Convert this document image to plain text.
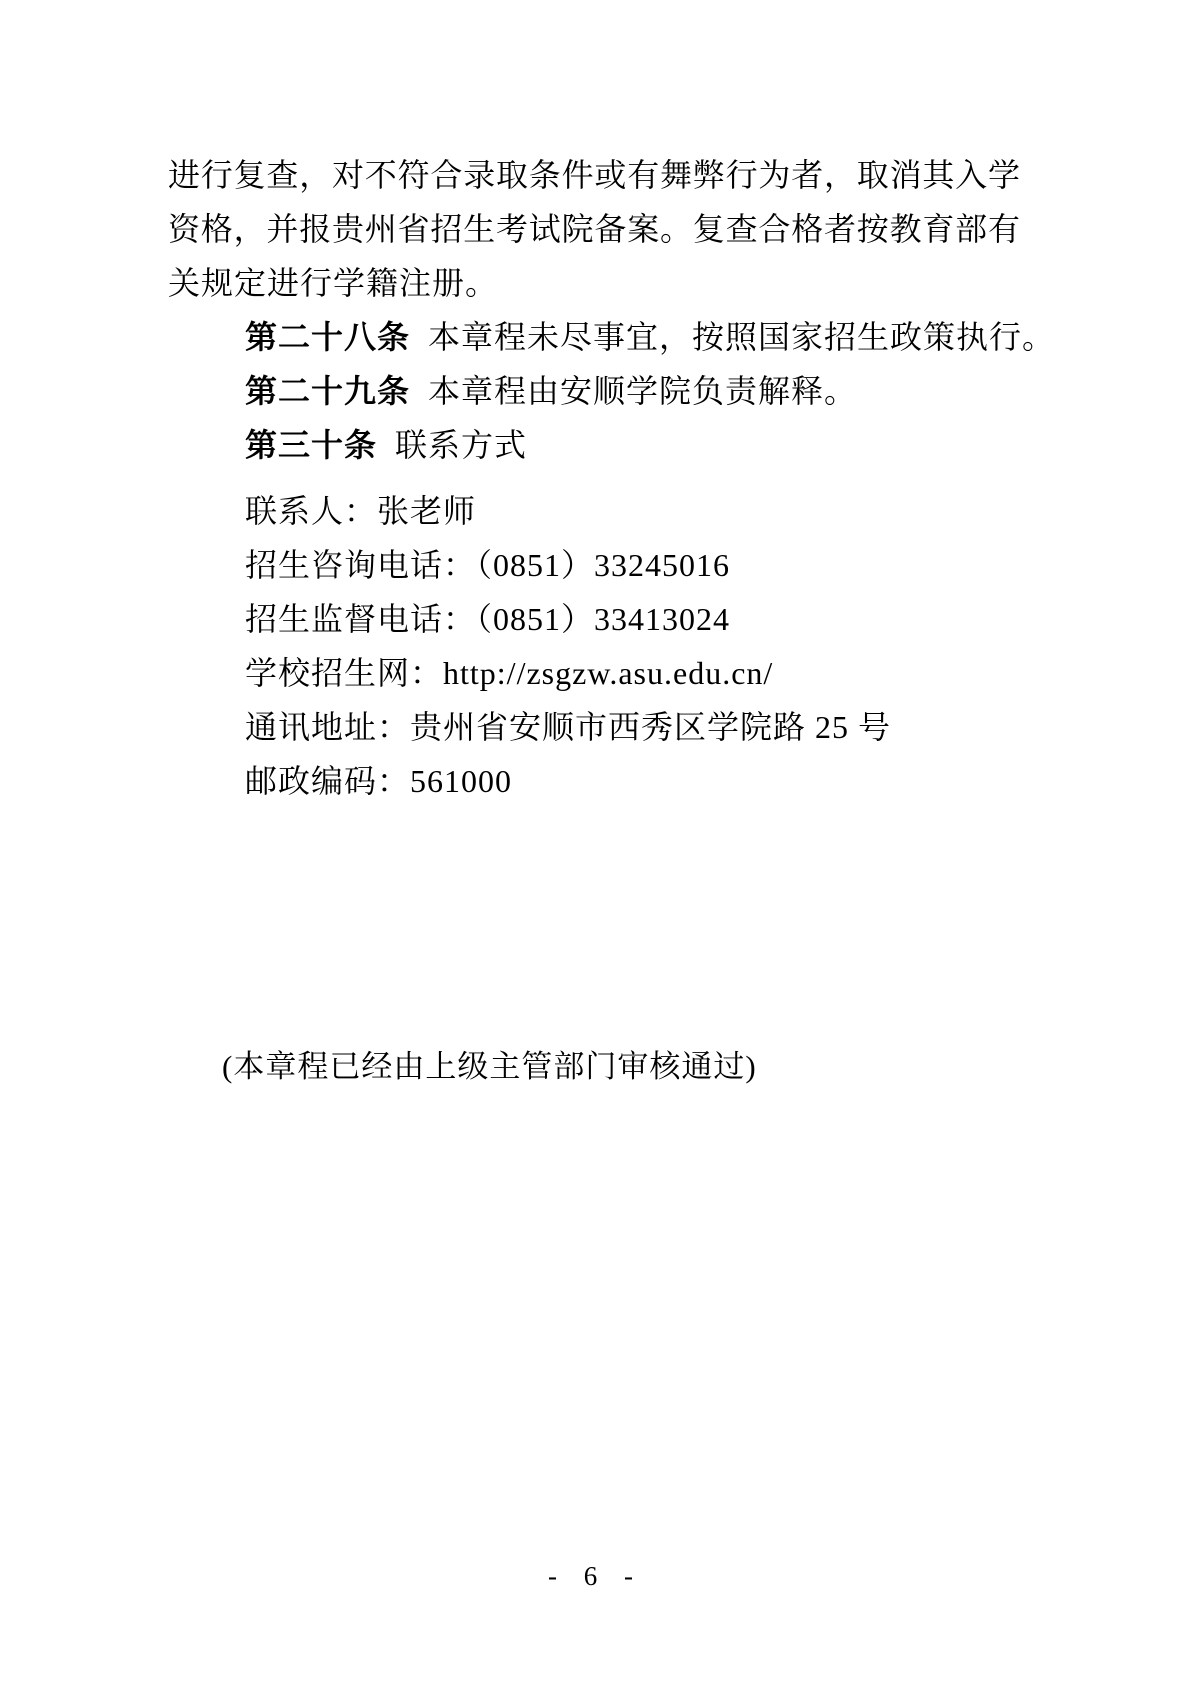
进行复查，对不符合录取条件或有舞弊行为者，取消其入学

资格，并报贵州省招生考试院备案。复查合格者按教育部有

关规定进行学籍注册。

第二十八条 本章程未尽事宜，按照国家招生政策执行。

第二十九条 本章程由安顺学院负责解释。

第三十条 联系方式

联系人：张老师

招生咨询电话：（0851）33245016

招生监督电话：（0851）33413024

学校招生网：http://zsgzw.asu.edu.cn/

通讯地址：贵州省安顺市西秀区学院路 25 号

邮政编码：561000

(本章程已经由上级主管部门审核通过)

- 6 -
